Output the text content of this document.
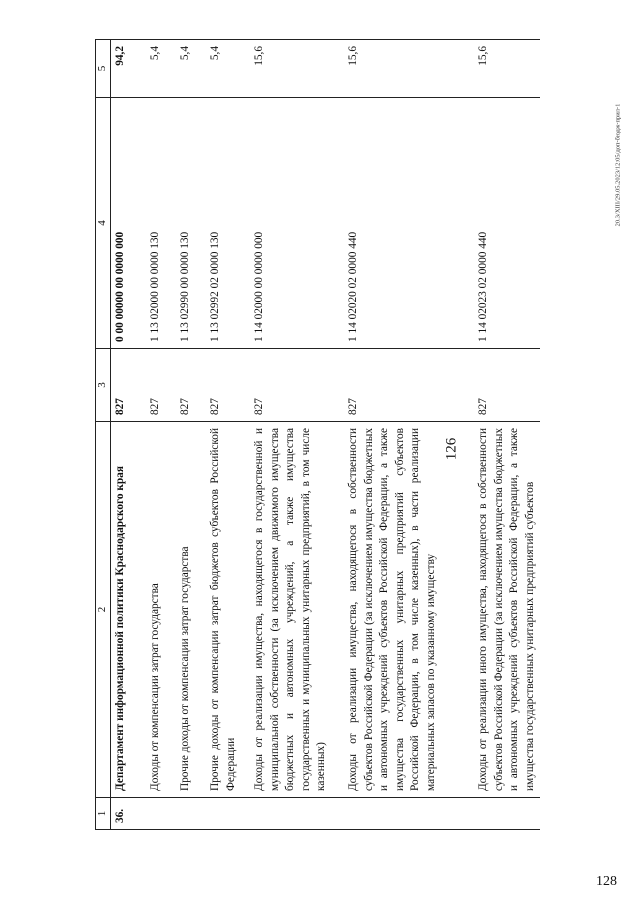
126
20.3/XIII/29.05.2023/12:05/доп-бюдж-прил-1
128
1	2	3	4	5
36.	Департамент информационной политики Краснодарского края	827	0 00 00000 00 0000 000	94,2
	Доходы от компенсации затрат государства	827	1 13 02000 00 0000 130	5,4
	Прочие доходы от компенсации затрат государства	827	1 13 02990 00 0000 130	5,4
	Прочие доходы от компенсации затрат бюджетов субъектов Российской Федерации	827	1 13 02992 02 0000 130	5,4
	Доходы от реализации имущества, находящегося в государственной и муниципальной собственности (за исключением движимого имущества бюджетных и автономных учреждений, а также имущества государственных и муниципальных унитарных предприятий, в том числе казенных)	827	1 14 02000 00 0000 000	15,6
	Доходы от реализации имущества, находящегося в собственности субъектов Российской Федерации (за исключением имущества бюджетных и автономных учреждений субъектов Российской Федерации, а также имущества государственных унитарных предприятий субъектов Российской Федерации, в том числе казенных), в части реализации материальных запасов по указанному имуществу	827	1 14 02020 02 0000 440	15,6
	Доходы от реализации иного имущества, находящегося в собственности субъектов Российской Федерации (за исключением имущества бюджетных и автономных учреждений субъектов Российской Федерации, а также имущества государственных унитарных предприятий субъектов	827	1 14 02023 02 0000 440	15,6
